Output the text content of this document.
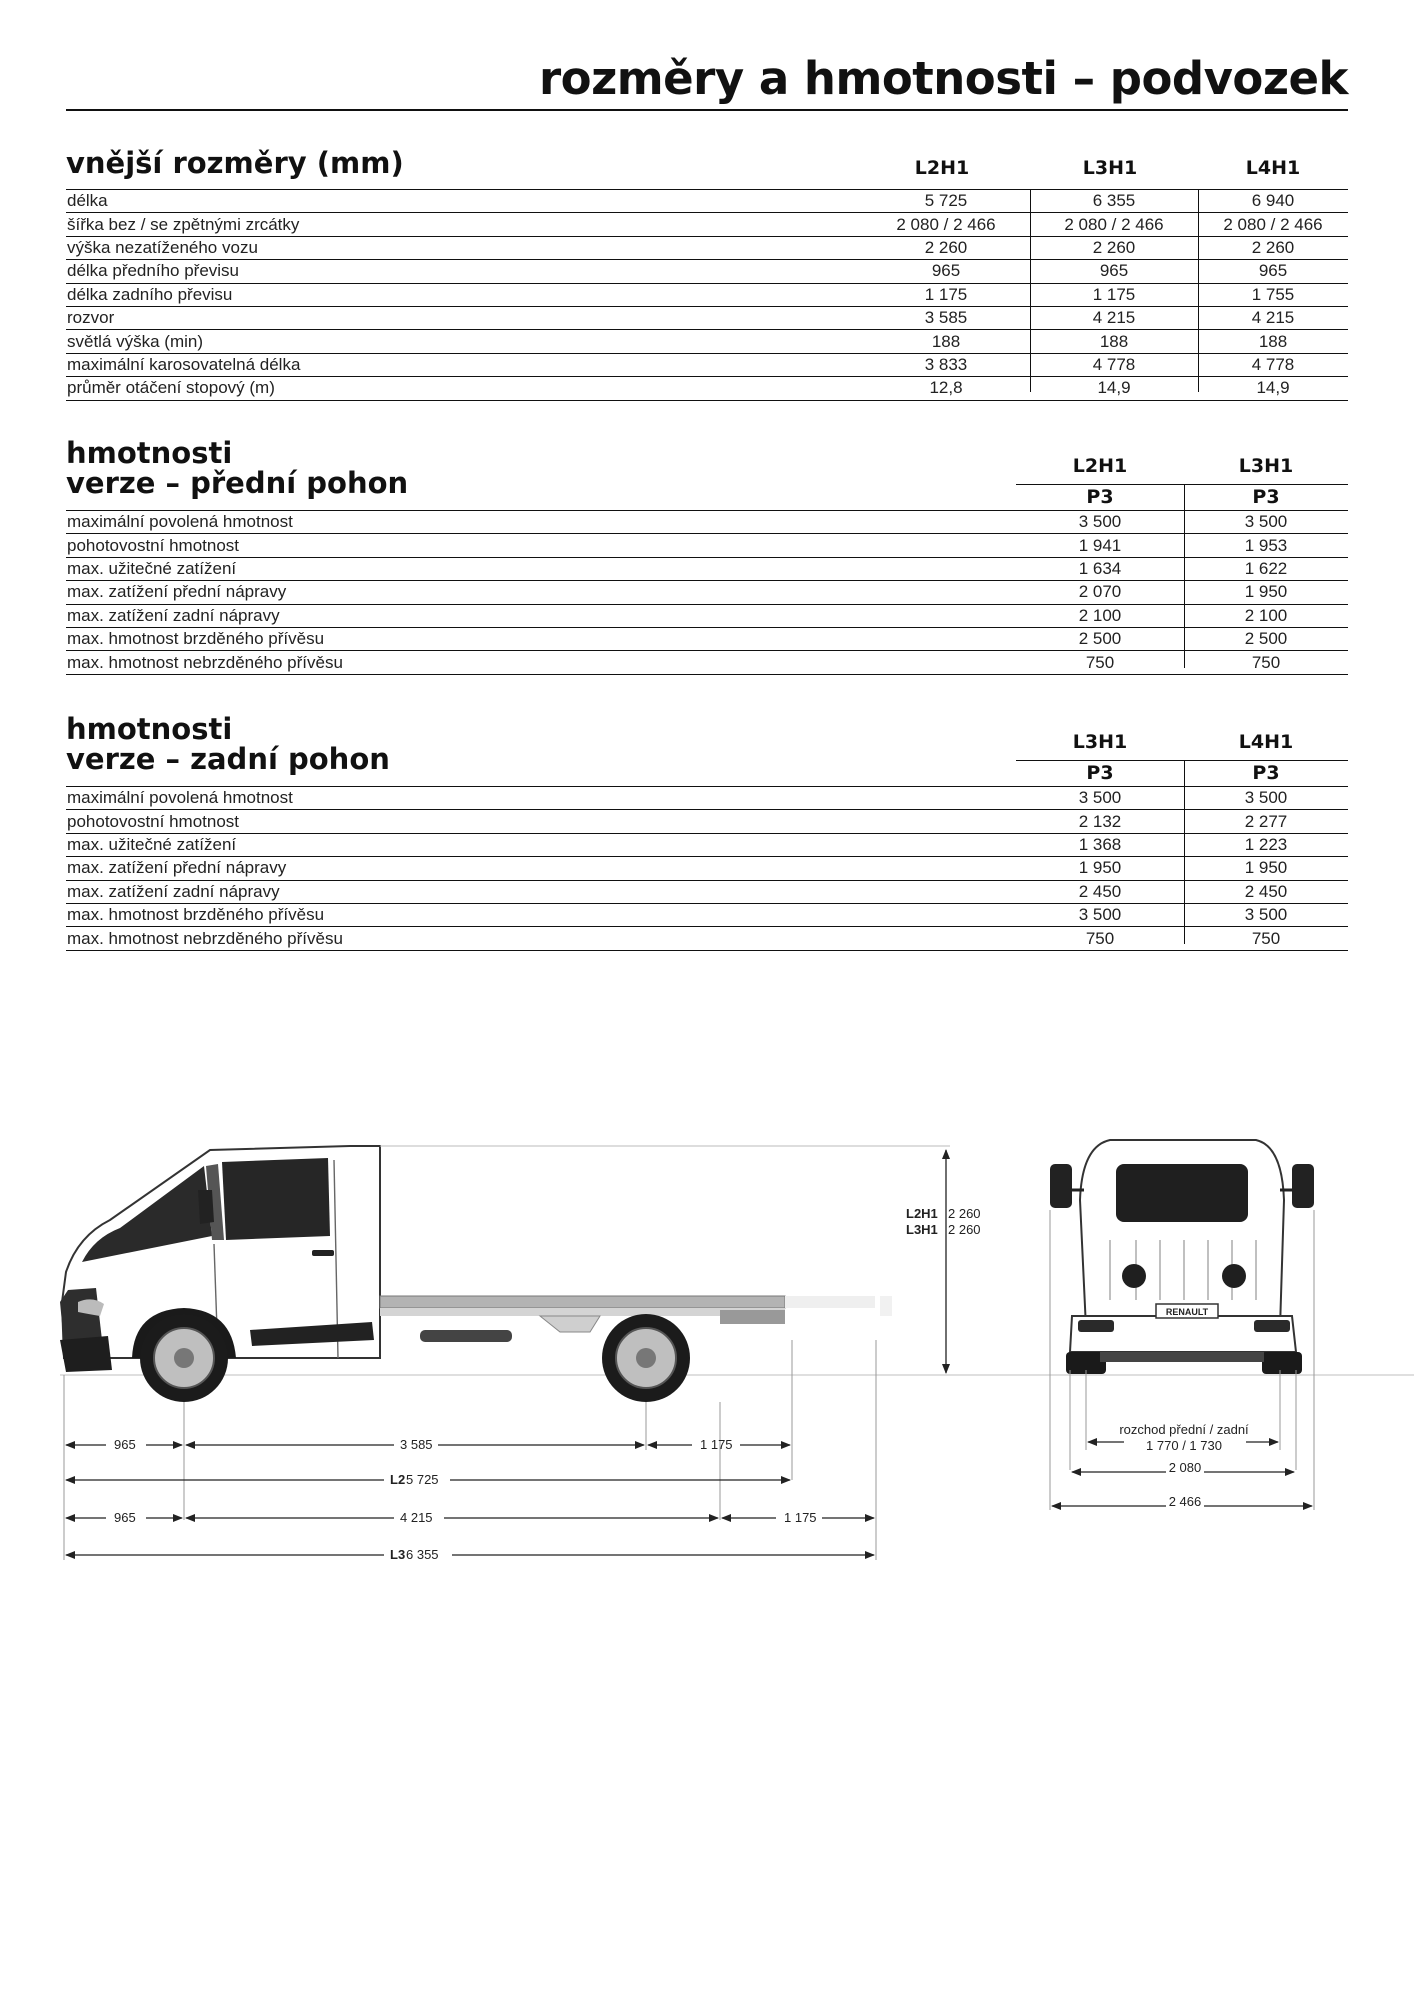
rozměry a hmotnosti – podvozek
vnější rozměry (mm)	L2H1	L3H1	L4H1
délka	5 725	6 355	6 940
šířka bez / se zpětnými zrcátky	2 080 / 2 466	2 080 / 2 466	2 080 / 2 466
výška nezatíženého vozu	2 260	2 260	2 260
délka předního převisu	965	965	965
délka zadního převisu	1 175	1 175	1 755
rozvor	3 585	4 215	4 215
světlá výška (min)	188	188	188
maximální karosovatelná délka	3 833	4 778	4 778
průměr otáčení stopový (m)	12,8	14,9	14,9
hmotnosti
verze – přední pohon	L2H1	L3H1
P3	P3
maximální povolená hmotnost	3 500	3 500
pohotovostní hmotnost	1 941	1 953
max. užitečné zatížení	1 634	1 622
max. zatížení přední nápravy	2 070	1 950
max. zatížení zadní nápravy	2 100	2 100
max. hmotnost brzděného přívěsu	2 500	2 500
max. hmotnost nebrzděného přívěsu	750	750
hmotnosti
verze – zadní pohon	L3H1	L4H1
P3	P3
maximální povolená hmotnost	3 500	3 500
pohotovostní hmotnost	2 132	2 277
max. užitečné zatížení	1 368	1 223
max. zatížení přední nápravy	1 950	1 950
max. zatížení zadní nápravy	2 450	2 450
max. hmotnost brzděného přívěsu	3 500	3 500
max. hmotnost nebrzděného přívěsu	750	750
L2H1 2 260
L3H1 2 260
965	3 585	1 175
L2 5 725
965	4 215	1 175
L3 6 355
RENAULT
rozchod přední / zadní
1 770 / 1 730
2 080
2 466
